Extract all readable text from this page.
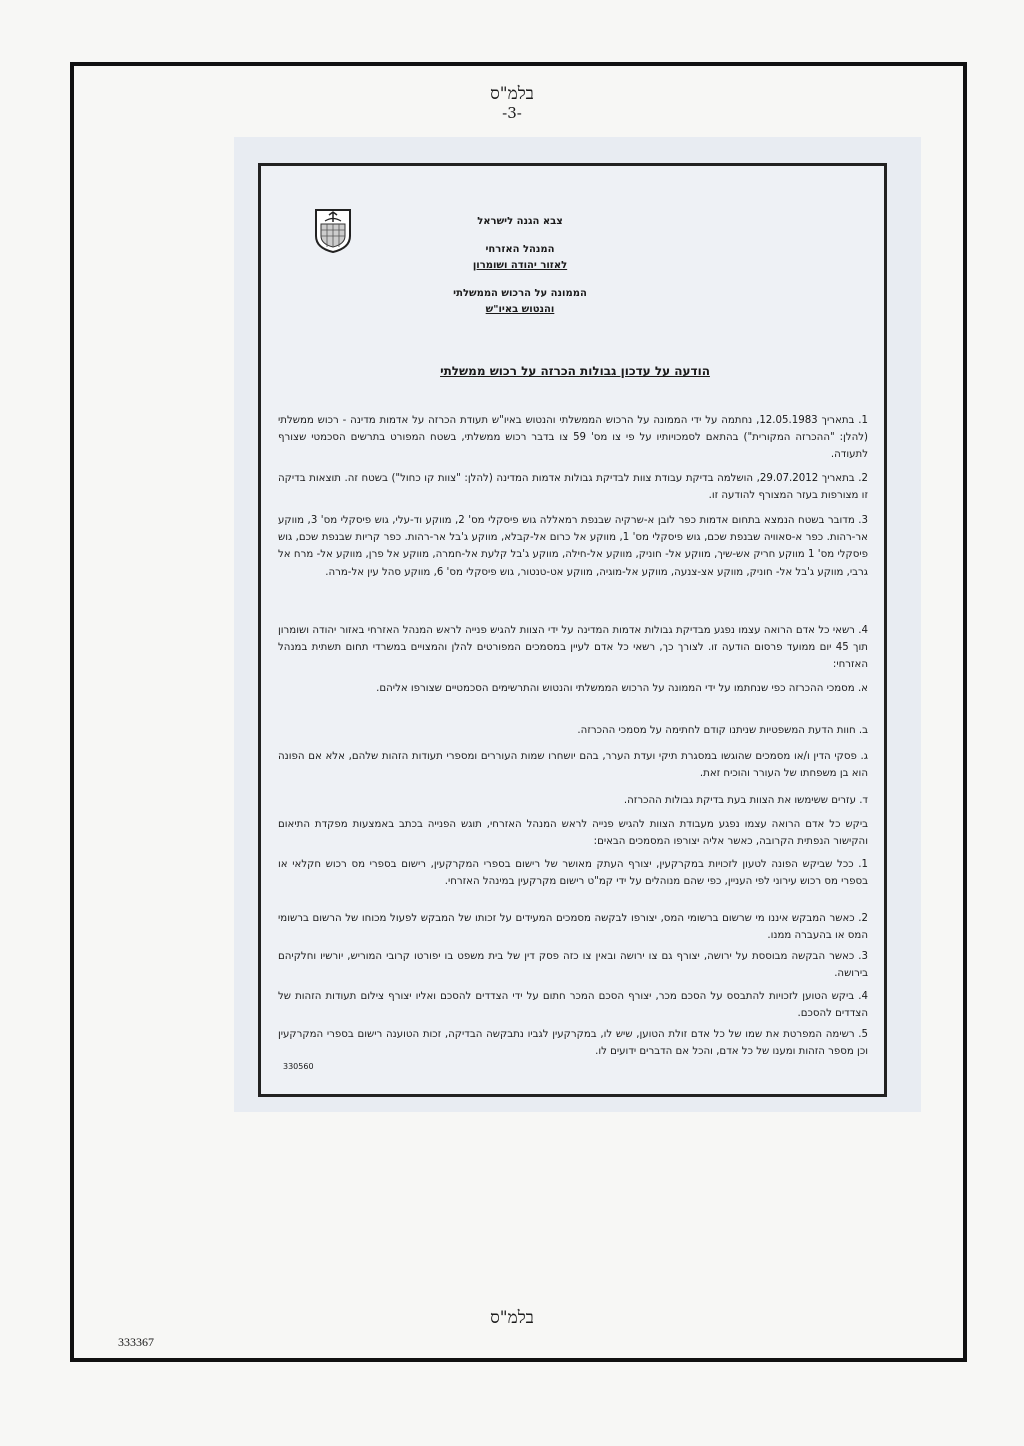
בלמ"ס
-3-
צבא הגנה לישראל
המנהל האזרחי
לאזור יהודה ושומרון
הממונה על הרכוש הממשלתי
והנטוש באיו"ש
הודעה על עדכון גבולות הכרזה על רכוש ממשלתי
1. בתאריך 12.05.1983, נחתמה על ידי הממונה על הרכוש הממשלתי והנטוש באיו"ש תעודת הכרזה על אדמות מדינה - רכוש ממשלתי (להלן: "ההכרזה המקורית") בהתאם לסמכויותיו על פי צו מס' 59 צו בדבר רכוש ממשלתי, בשטח המפורט בתרשים הסכמטי שצורף לתעודה.
2. בתאריך 29.07.2012, הושלמה בדיקת עבודת צוות לבדיקת גבולות אדמות המדינה (להלן: "צוות קו כחול") בשטח זה. תוצאות בדיקה זו מצורפות בעזר המצורף להודעה זו.
3. מדובר בשטח הנמצא בתחום אדמות כפר לובן א-שרקיה שבנפת רמאללה גוש פיסקלי מס' 2, מווקע וד-עלי, גוש פיסקלי מס' 3, מווקע אר-רהות. כפר א-סאוויה שבנפת שכם, גוש פיסקלי מס' 1, מווקע אל כרום אל-קבלא, מווקע ג'בל אר-רהות. כפר קריות שבנפת שכם, גוש פיסקלי מס' 1 מווקע חריק אש-שיך, מווקע אל- חוניק, מווקע אל-חילה, מווקע ג'בל קלעת אל-חמרה, מווקע אל פרן, מווקע אל- מרח אל גרבי, מווקע ג'בל אל- חוניק, מווקע אצ-צנעה, מווקע אל-מוגיה, מווקע אט-טנטור, גוש פיסקלי מס' 6, מווקע סהל עין אל-מרה.
4. רשאי כל אדם הרואה עצמו נפגע מבדיקת גבולות אדמות המדינה על ידי הצוות להגיש פנייה לראש המנהל האזרחי באזור יהודה ושומרון תוך 45 יום ממועד פרסום הודעה זו. לצורך כך, רשאי כל אדם לעיין במסמכים המפורטים להלן והמצויים במשרדי תחום תשתית במנהל האזרחי:
א. מסמכי ההכרזה כפי שנחתמו על ידי הממונה על הרכוש הממשלתי והנטוש והתרשימים הסכמטיים שצורפו אליהם.
ב. חוות הדעת המשפטיות שניתנו קודם לחתימה על מסמכי ההכרזה.
ג. פסקי הדין ו/או מסמכים שהוגשו במסגרת תיקי ועדת הערר, בהם יושחרו שמות העוררים ומספרי תעודות הזהות שלהם, אלא אם הפונה הוא בן משפחתו של העורר והוכיח זאת.
ד. עזרים ששימשו את הצוות בעת בדיקת גבולות ההכרזה.
ביקש כל אדם הרואה עצמו נפגע מעבודת הצוות להגיש פנייה לראש המנהל האזרחי, תוגש הפנייה בכתב באמצעות מפקדת התיאום והקישור הנפתית הקרובה, כאשר אליה יצורפו המסמכים הבאים:
1. ככל שביקש הפונה לטעון לזכויות במקרקעין, יצורף העתק מאושר של רישום בספרי המקרקעין, רישום בספרי מס רכוש חקלאי או בספרי מס רכוש עירוני לפי העניין, כפי שהם מנוהלים על ידי קמ"ט רישום מקרקעין במינהל האזרחי.
2. כאשר המבקש איננו מי שרשום ברשומי המס, יצורפו לבקשה מסמכים המעידים על זכותו של המבקש לפעול מכוחו של הרשום ברשומי המס או בהעברה ממנו.
3. כאשר הבקשה מבוססת על ירושה, יצורף גם צו ירושה ובאין צו כזה פסק דין של בית משפט בו יפורטו קרובי המוריש, יורשיו וחלקיהם בירושה.
4. ביקש הטוען לזכויות להתבסס על הסכם מכר, יצורף הסכם המכר חתום על ידי הצדדים להסכם ואליו יצורף צילום תעודות הזהות של הצדדים להסכם.
5. רשימה המפרטת את שמו של כל אדם זולת הטוען, שיש לו, במקרקעין לגביו נתבקשה הבדיקה, זכות הטוענה רישום בספרי המקרקעין וכן מספר הזהות ומענו של כל אדם, והכל אם הדברים ידועים לו.
330560
בלמ"ס
333367
